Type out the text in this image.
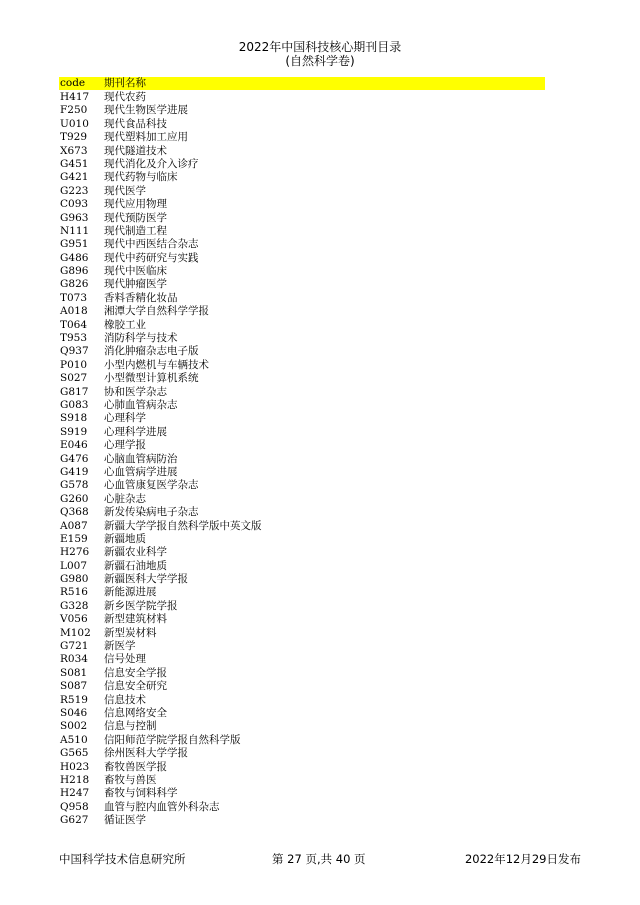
2022年中国科技核心期刊目录
(自然科学卷)
code 期刊名称
H417 现代农药
F250 现代生物医学进展
U010 现代食品科技
T929 现代塑料加工应用
X673 现代隧道技术
G451 现代消化及介入诊疗
G421 现代药物与临床
G223 现代医学
C093 现代应用物理
G963 现代预防医学
N111 现代制造工程
G951 现代中西医结合杂志
G486 现代中药研究与实践
G896 现代中医临床
G826 现代肿瘤医学
T073 香料香精化妆品
A018 湘潭大学自然科学学报
T064 橡胶工业
T953 消防科学与技术
Q937 消化肿瘤杂志电子版
P010 小型内燃机与车辆技术
S027 小型微型计算机系统
G817 协和医学杂志
G083 心肺血管病杂志
S918 心理科学
S919 心理科学进展
E046 心理学报
G476 心脑血管病防治
G419 心血管病学进展
G578 心血管康复医学杂志
G260 心脏杂志
Q368 新发传染病电子杂志
A087 新疆大学学报自然科学版中英文版
E159 新疆地质
H276 新疆农业科学
L007 新疆石油地质
G980 新疆医科大学学报
R516 新能源进展
G328 新乡医学院学报
V056 新型建筑材料
M102 新型炭材料
G721 新医学
R034 信号处理
S081 信息安全学报
S087 信息安全研究
R519 信息技术
S046 信息网络安全
S002 信息与控制
A510 信阳师范学院学报自然科学版
G565 徐州医科大学学报
H023 畜牧兽医学报
H218 畜牧与兽医
H247 畜牧与饲料科学
Q958 血管与腔内血管外科杂志
G627 循证医学
中国科学技术信息研究所	第 27 页,共 40 页	2022年12月29日发布
